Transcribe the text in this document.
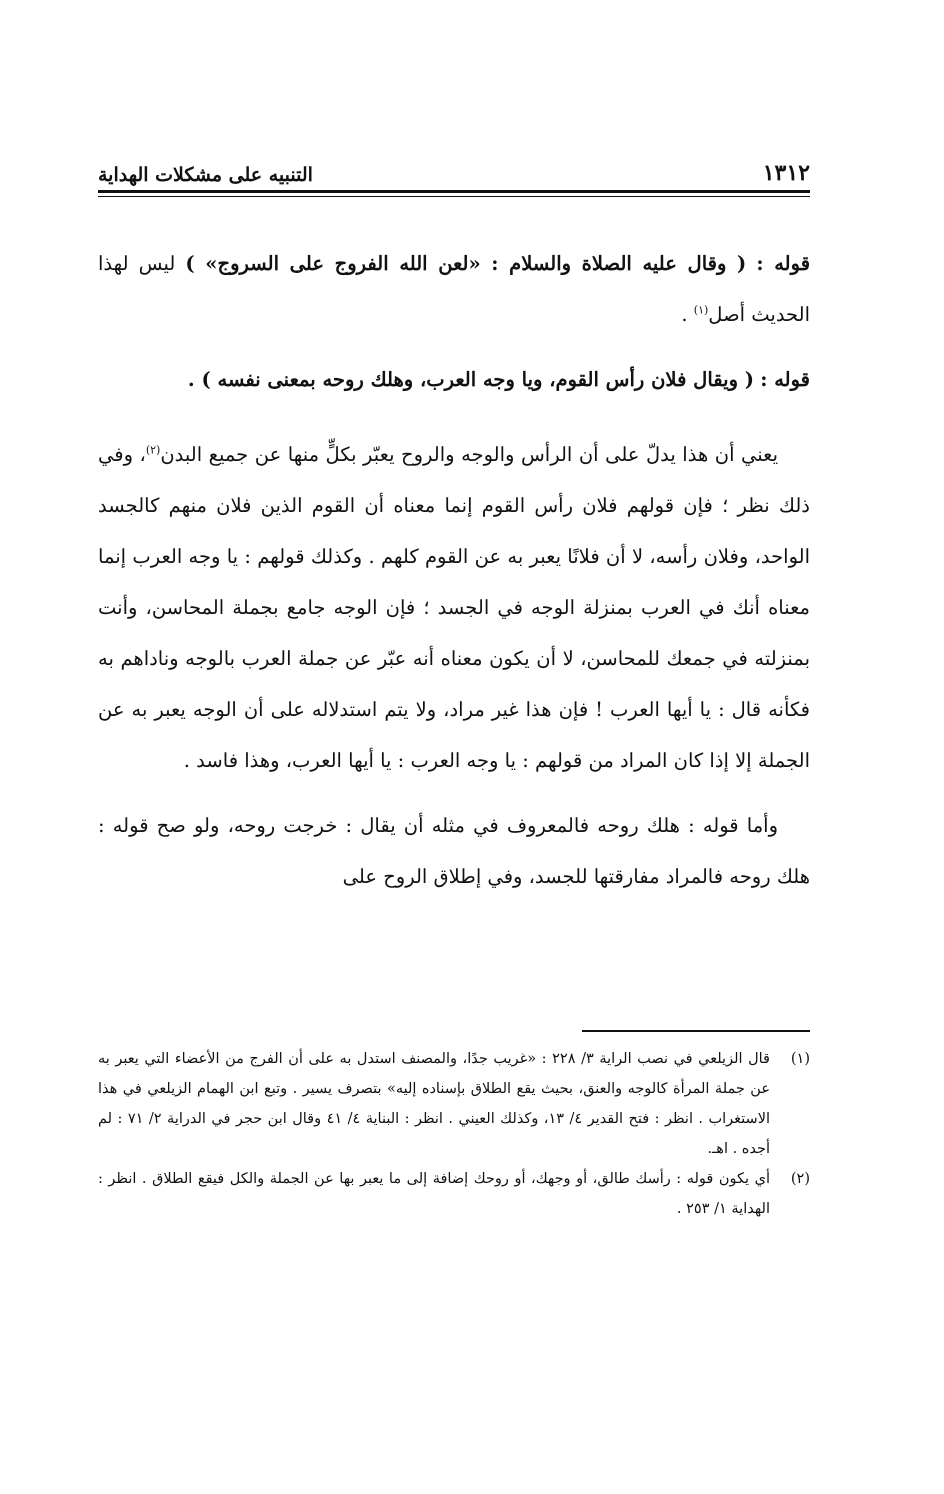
١٣١٢
التنبيه على مشكلات الهداية

قوله : ( وقال عليه الصلاة والسلام : «لعن الله الفروج على السروج» ) ليس لهذا الحديث أصل$^{(١)}$ .

قوله : ( ويقال فلان رأس القوم، ويا وجه العرب، وهلك روحه بمعنى نفسه ) .

يعني أن هذا يدلّ على أن الرأس والوجه والروح يعبّر بكلٍّ منها عن جميع البدن$^{(٢)}$، وفي ذلك نظر ؛ فإن قولهم فلان رأس القوم إنما معناه أن القوم الذين فلان منهم كالجسد الواحد، وفلان رأسه، لا أن فلانًا يعبر به عن القوم كلهم . وكذلك قولهم : يا وجه العرب إنما معناه أنك في العرب بمنزلة الوجه في الجسد ؛ فإن الوجه جامع بجملة المحاسن، وأنت بمنزلته في جمعك للمحاسن، لا أن يكون معناه أنه عبّر عن جملة العرب بالوجه وناداهم به فكأنه قال : يا أيها العرب ! فإن هذا غير مراد، ولا يتم استدلاله على أن الوجه يعبر به عن الجملة إلا إذا كان المراد من قولهم : يا وجه العرب : يا أيها العرب، وهذا فاسد .

وأما قوله : هلك روحه فالمعروف في مثله أن يقال : خرجت روحه، ولو صح قوله : هلك روحه فالمراد مفارقتها للجسد، وفي إطلاق الروح على

(١)
قال الزيلعي في نصب الراية ٣/ ٢٢٨ : «غريب جدًا، والمصنف استدل به على أن الفرج من الأعضاء التي يعبر به عن جملة المرأة كالوجه والعنق، بحيث يقع الطلاق بإسناده إليه» بتصرف يسير . وتبع ابن الهمام الزيلعي في هذا الاستغراب . انظر : فتح القدير ٤/ ١٣، وكذلك العيني . انظر : البناية ٤/ ٤١ وقال ابن حجر في الدراية ٢/ ٧١ : لم أجده . اهـ.
(٢)
أي يكون قوله : رأسك طالق، أو وجهك، أو روحك إضافة إلى ما يعبر بها عن الجملة والكل فيقع الطلاق . انظر : الهداية ١/ ٢٥٣ .
